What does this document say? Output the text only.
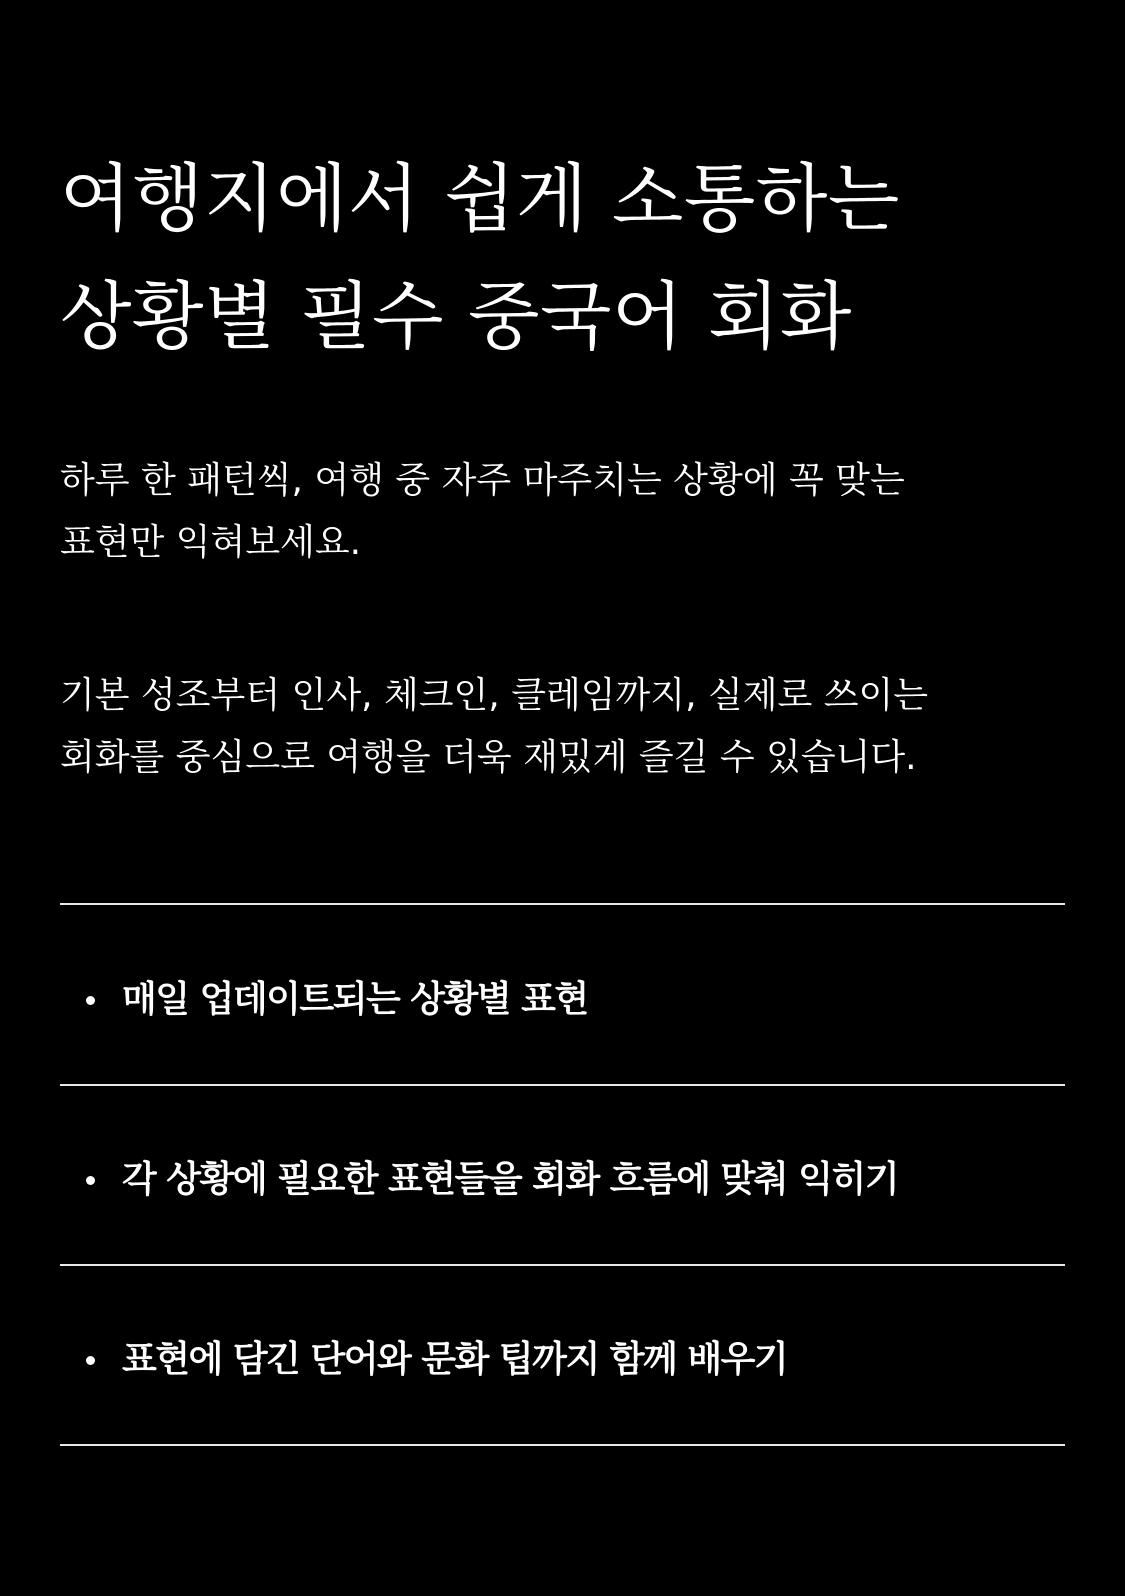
여행지에서 쉽게 소통하는
상황별 필수 중국어 회화

하루 한 패턴씩, 여행 중 자주 마주치는 상황에 꼭 맞는
표현만 익혀보세요.

기본 성조부터 인사, 체크인, 클레임까지, 실제로 쓰이는
회화를 중심으로 여행을 더욱 재밌게 즐길 수 있습니다.

매일 업데이트되는 상황별 표현
각 상황에 필요한 표현들을 회화 흐름에 맞춰 익히기
표현에 담긴 단어와 문화 팁까지 함께 배우기
